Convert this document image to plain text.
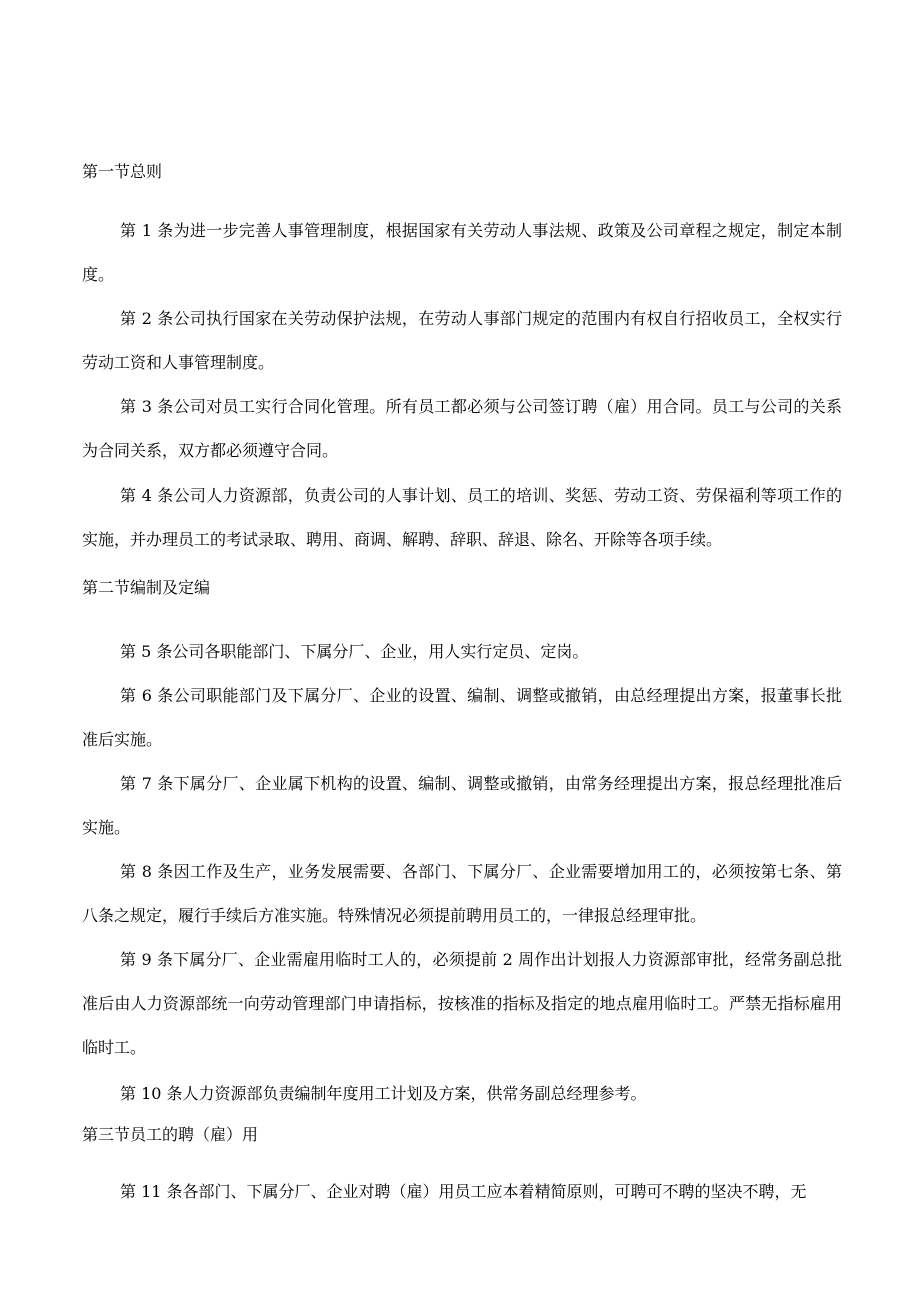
第一节总则
第 1 条为进一步完善人事管理制度，根据国家有关劳动人事法规、政策及公司章程之规定，制定本制度。
第 2 条公司执行国家在关劳动保护法规，在劳动人事部门规定的范围内有权自行招收员工，全权实行劳动工资和人事管理制度。
第 3 条公司对员工实行合同化管理。所有员工都必须与公司签订聘（雇）用合同。员工与公司的关系为合同关系，双方都必须遵守合同。
第 4 条公司人力资源部，负责公司的人事计划、员工的培训、奖惩、劳动工资、劳保福利等项工作的实施，并办理员工的考试录取、聘用、商调、解聘、辞职、辞退、除名、开除等各项手续。
第二节编制及定编
第 5 条公司各职能部门、下属分厂、企业，用人实行定员、定岗。
第 6 条公司职能部门及下属分厂、企业的设置、编制、调整或撤销，由总经理提出方案，报董事长批准后实施。
第 7 条下属分厂、企业属下机构的设置、编制、调整或撤销，由常务经理提出方案，报总经理批准后实施。
第 8 条因工作及生产，业务发展需要、各部门、下属分厂、企业需要增加用工的，必须按第七条、第八条之规定，履行手续后方准实施。特殊情况必须提前聘用员工的，一律报总经理审批。
第 9 条下属分厂、企业需雇用临时工人的，必须提前 2 周作出计划报人力资源部审批，经常务副总批准后由人力资源部统一向劳动管理部门申请指标，按核准的指标及指定的地点雇用临时工。严禁无指标雇用临时工。
第 10 条人力资源部负责编制年度用工计划及方案，供常务副总经理参考。
第三节员工的聘（雇）用
第 11 条各部门、下属分厂、企业对聘（雇）用员工应本着精简原则，可聘可不聘的坚决不聘，无
